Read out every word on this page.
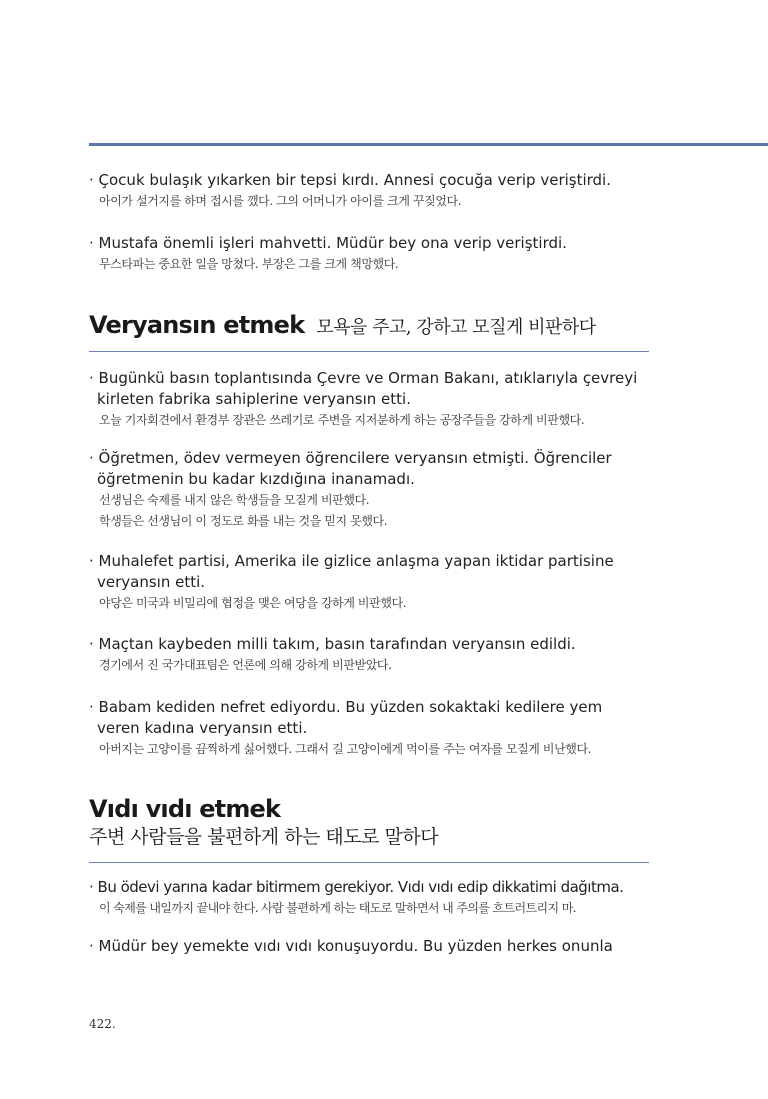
· Çocuk bulaşık yıkarken bir tepsi kırdı. Annesi çocuğa verip veriştirdi.
아이가 설거지를 하며 접시를 깼다. 그의 어머니가 아이를 크게 꾸짖었다.
· Mustafa önemli işleri mahvetti. Müdür bey ona verip veriştirdi.
무스타파는 중요한 일을 망쳤다. 부장은 그를 크게 책망했다.
Veryansın etmek 모욕을 주고, 강하고 모질게 비판하다
· Bugünkü basın toplantısında Çevre ve Orman Bakanı, atıklarıyla çevreyi
kirleten fabrika sahiplerine veryansın etti.
오늘 기자회견에서 환경부 장관은 쓰레기로 주변을 지저분하게 하는 공장주들을 강하게 비판했다.
· Öğretmen, ödev vermeyen öğrencilere veryansın etmişti. Öğrenciler
öğretmenin bu kadar kızdığına inanamadı.
선생님은 숙제를 내지 않은 학생들을 모질게 비판했다.
학생들은 선생님이 이 정도로 화를 내는 것을 믿지 못했다.
· Muhalefet partisi, Amerika ile gizlice anlaşma yapan iktidar partisine
veryansın etti.
야당은 미국과 비밀리에 협정을 맺은 여당을 강하게 비판했다.
· Maçtan kaybeden milli takım, basın tarafından veryansın edildi.
경기에서 진 국가대표팀은 언론에 의해 강하게 비판받았다.
· Babam kediden nefret ediyordu. Bu yüzden sokaktaki kedilere yem
veren kadına veryansın etti.
아버지는 고양이를 끔찍하게 싫어했다. 그래서 길 고양이에게 먹이를 주는 여자를 모질게 비난했다.
Vıdı vıdı etmek
주변 사람들을 불편하게 하는 태도로 말하다
· Bu ödevi yarına kadar bitirmem gerekiyor. Vıdı vıdı edip dikkatimi dağıtma.
이 숙제를 내일까지 끝내야 한다. 사람 불편하게 하는 태도로 말하면서 내 주의를 흐트러트리지 마.
· Müdür bey yemekte vıdı vıdı konuşuyordu. Bu yüzden herkes onunla
422.
